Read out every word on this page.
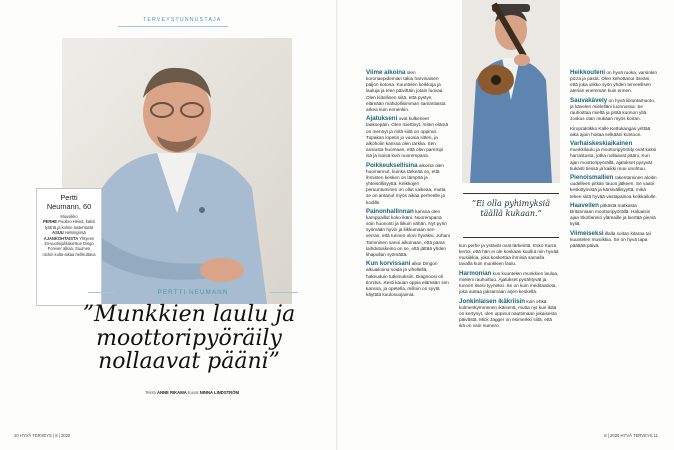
TERVEYSTUNNUSTAJA
Pertti
Neumann, 60
Muusikko
PERHE Puoliso Heinä, kaksi tytärtä ja kolme lastenlasta
ASUU Helsingissä
AJANKOHTAISTA Yhtyeen 20-vuotisjuhlakiertue Dingo Forever alkaa, Suomen rockin kulta-aikaa hehkuttava
PERTTI NEUMANN
”Munkkien laulu ja moottoripyöräily nollaavat pääni”
Teksti ANNE RIKAMA Kuvat NINNA LINDSTRÖM
10 HYVÄ TERVEYS | 8 | 2020

Viime aikoina olen koronaepidemian takia harvinaisen paljon kotona. Kuuntelen keikkoja ja lauluja ja teen päivittäin jotain luovaa. Olen kiitollinen siitä, että pystyn elämään mahdollisimman samanlaista arkea kuin ennenkin.

Ajatukseni ovat kulkeneet taaksepäin. Olen miettinyt, miten elämä on mennyt ja mitä siitä on oppinut. Tupakan lopetin jo vuosia sitten, ja alkoholin kanssa olen tarkka. Sen ansiosta huomaan, että olen parempi isä ja isoisä kuin nuorempana.

Poikkeuksellisina aikoina olen huomannut, kuinka tärkeää on, että ihmisten kesken on lämpöä ja yhteisöllisyyttä. Keikkojen peruuntuminen on ollut vaikeaa, mutta se on antanut myös aikaa perheelle ja kodille.

Painonhallinnan kanssa olen kamppaillut koko ikäni. Nuorempana söin huonosti ja liikuin vähän. Nyt pyrin syömään hyvin ja liikkumaan sen verran, että tunnen oloni hyväksi. Juhani Tamminen sanoi aikoinaan, että paras laihdutuskeino on se, että jättää yhden lihapullan syömättä.

Kun korvissani alkoi Dingon alkuaikoina soida ja vihellellä, hakeuduin tutkimuksiin. Diagnoosi oli tinnitus. Kesti kauan oppia elämään sen kanssa, ja opetella, milloin on syytä käyttää kuulosuojaimia.

”Ei olla pyhimyksiä täällä kukaan.”

kun perhe ja ystävät ovat tärkeintä. Esko Karra kertoi, että hän ei ole koskaan kuullut niin hyvää musiikkia, joka koskettaa ihmisiä samalla tavalla kuin munkkien laulu.

Harmonian kun kuuntelen munkkien laulua, mieleni rauhoittuu. Ajatukset pysähtyvät ja tunnen itseni tyyneksi. Se on kuin meditaatiota, joka auttaa jaksamaan arjen keskellä.

Jonkinlaisen ikäkriisin koin ehkä kolmenkymmenen ikäisenä, mutta nyt kun ikää on kertynyt, olen oppinut nauttimaan jokaisesta päivästä. Mick Jagger on esimerkki siitä, että ikä on vain numero.

Heikkouteni on hyvä ruoka, varsinkin pizza ja pasta. Olen kehottanut itseäni, että joka viikko syön yhden terveellisen aterian enemmän kuin ennen.

Sauvakävely on hyvä liikuntamuoto, ja kävelen mielelläni luonnossa. Se rauhoittaa mieltä ja pitää kunnon yllä. Joskus otan mukaan myös koiran.

Kiropraktikko Kalle Kettukangas yrittää aika ajoin hoitaa selkääni kuntoon.

Varhaiskeskiaikainen munkkilaulu ja moottoripyöräily ovat kaksi harrastusta, jotka nollaavat pääni. Kun ajan moottoripyörällä, ajatukset pysyvät tiukasti tiessä ja kaikki muu unohtuu.

Pienoismallien rakentaminen aloitin uudelleen pitkän tauon jälkeen. Se vaatii keskittymistä ja kärsivällisyyttä, mikä tekee siitä hyvää vastapainoa keikkailulle.

Haaveilen pitkästä matkasta Britanniaan moottoripyörällä. Haluaisin ajaa Skotlannin ylämaille ja kiertää pieniä kyliä.

Viimeiseksi illalla soitan kitaraa tai kuuntelen musiikkia. Se on hyvä tapa päättää päivä.

8 | 2020 HYVÄ TERVEYS 11
